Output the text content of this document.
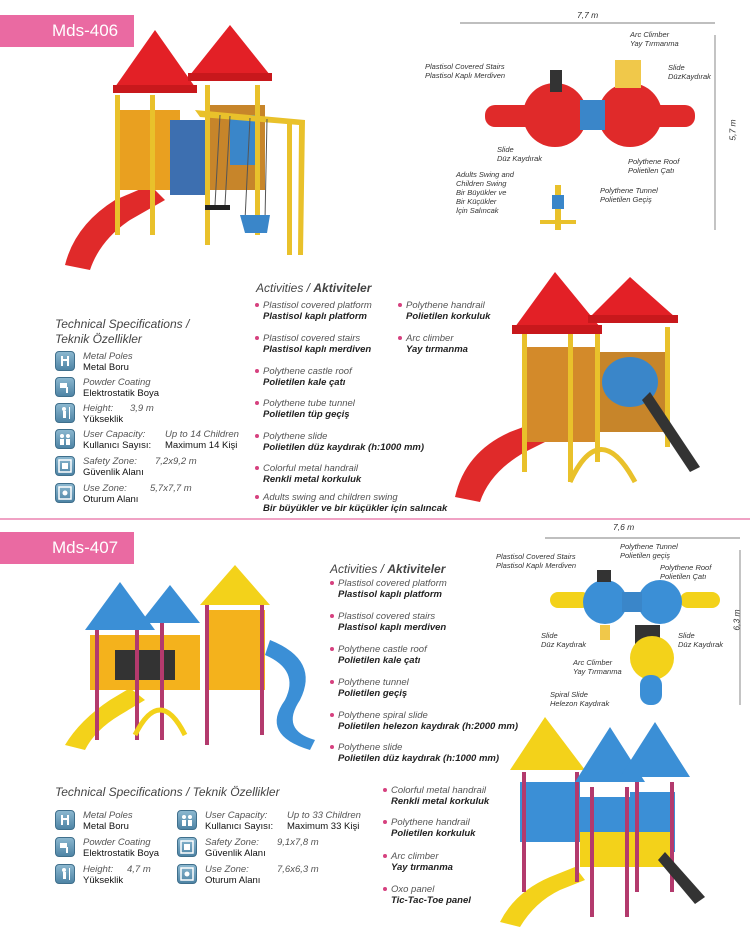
Mds-406
7,7 m
5,7 m
Arc Climber
Yay Tırmanma
Plastisol Covered Stairs
Plastisol Kaplı Merdiven
Slide
DüzKaydırak
Slide
Düz Kaydırak	Polythene Roof
Polietilen Çatı
Polythene Tunnel
Polietilen Geçiş
Adults Swing and
Children Swing
Bir Büyükler ve
Bir Küçükler
İçin Salıncak
Activities / Aktiviteler
Plastisol covered platform
Plastisol kaplı platform
Plastisol covered stairs
Plastisol kaplı merdiven
Polythene castle roof
Polietilen kale çatı
Polythene tube tunnel
Polietilen tüp geçiş
Polythene slide
Polietilen düz kaydırak (h:1000 mm)
Colorful metal handrail
Renkli metal korkuluk
Adults swing and children swing
Bir büyükler ve bir küçükler için salıncak
Polythene handrail
Polietilen korkuluk
Arc climber
Yay tırmanma
Technical Specifications /
Teknik Özellikler
Metal Poles
Metal Boru
Powder Coating
Elektrostatik Boya
Height:
Yükseklik
3,9 m
User Capacity:
Kullanıcı Sayısı:
Up to 14 Children
Maximum 14 Kişi
Safety Zone:
Güvenlik Alanı
7,2x9,2 m
Use Zone:
Oturum Alanı
5,7x7,7 m
Mds-407
7,6 m
6,3 m
Plastisol Covered Stairs
Plastisol Kaplı Merdiven
Polythene Tunnel
Polietilen geçiş
Polythene Roof
Polietilen Çatı
Slide
Düz Kaydırak
Slide
Düz Kaydırak
Arc Climber
Yay Tırmanma
Spiral Slide
Helezon Kaydırak
Activities / Aktiviteler
Plastisol covered platform
Plastisol kaplı platform
Plastisol covered stairs
Plastisol kaplı merdiven
Polythene castle roof
Polietilen kale çatı
Polythene tunnel
Polietilen geçiş
Polythene spiral slide
Polietilen helezon kaydırak (h:2000 mm)
Polythene slide
Polietilen düz kaydırak (h:1000 mm)
Colorful metal handrail
Renkli metal korkuluk
Polythene handrail
Polietilen korkuluk
Arc climber
Yay tırmanma
Oxo panel
Tic-Tac-Toe panel
Technical Specifications / Teknik Özellikler
Metal Poles
Metal Boru
Powder Coating
Elektrostatik Boya
Height:
Yükseklik
4,7 m
User Capacity:
Kullanıcı Sayısı:
Up to 33 Children
Maximum 33 Kişi
Safety Zone:
Güvenlik Alanı
9,1x7,8 m
Use Zone:
Oturum Alanı
7,6x6,3 m
